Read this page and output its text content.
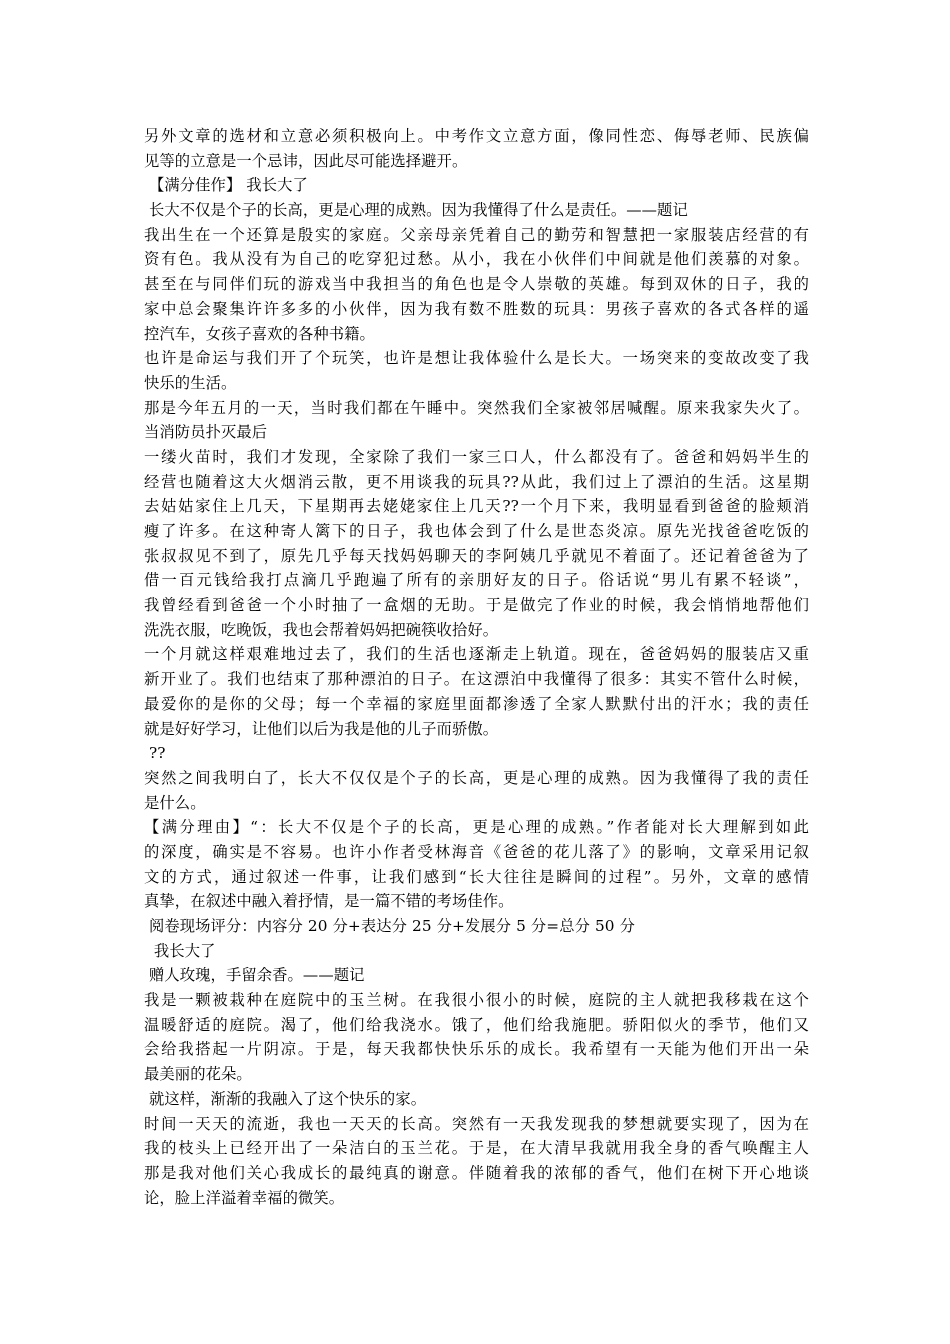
另外文章的选材和立意必须积极向上。中考作文立意方面，像同性恋、侮辱老师、民族偏
见等的立意是一个忌讳，因此尽可能选择避开。
【满分佳作】 我长大了
长大不仅是个子的长高，更是心理的成熟。因为我懂得了什么是责任。——题记
我出生在一个还算是殷实的家庭。父亲母亲凭着自己的勤劳和智慧把一家服装店经营的有
资有色。我从没有为自己的吃穿犯过愁。从小，我在小伙伴们中间就是他们羡慕的对象。
甚至在与同伴们玩的游戏当中我担当的角色也是令人崇敬的英雄。每到双休的日子，我的
家中总会聚集许许多多的小伙伴，因为我有数不胜数的玩具：男孩子喜欢的各式各样的遥
控汽车，女孩子喜欢的各种书籍。
也许是命运与我们开了个玩笑，也许是想让我体验什么是长大。一场突来的变故改变了我
快乐的生活。
那是今年五月的一天，当时我们都在午睡中。突然我们全家被邻居喊醒。原来我家失火了。
当消防员扑灭最后
一缕火苗时，我们才发现，全家除了我们一家三口人，什么都没有了。爸爸和妈妈半生的
经营也随着这大火烟消云散，更不用谈我的玩具??从此，我们过上了漂泊的生活。这星期
去姑姑家住上几天，下星期再去姥姥家住上几天??一个月下来，我明显看到爸爸的脸颊消
瘦了许多。在这种寄人篱下的日子，我也体会到了什么是世态炎凉。原先光找爸爸吃饭的
张叔叔见不到了，原先几乎每天找妈妈聊天的李阿姨几乎就见不着面了。还记着爸爸为了
借一百元钱给我打点滴几乎跑遍了所有的亲朋好友的日子。俗话说“男儿有累不轻谈”，
我曾经看到爸爸一个小时抽了一盒烟的无助。于是做完了作业的时候，我会悄悄地帮他们
洗洗衣服，吃晚饭，我也会帮着妈妈把碗筷收拾好。
一个月就这样艰难地过去了，我们的生活也逐渐走上轨道。现在，爸爸妈妈的服装店又重
新开业了。我们也结束了那种漂泊的日子。在这漂泊中我懂得了很多：其实不管什么时候，
最爱你的是你的父母；每一个幸福的家庭里面都渗透了全家人默默付出的汗水；我的责任
就是好好学习，让他们以后为我是他的儿子而骄傲。
??
突然之间我明白了，长大不仅仅是个子的长高，更是心理的成熟。因为我懂得了我的责任
是什么。
【满分理由】“：长大不仅是个子的长高，更是心理的成熟。”作者能对长大理解到如此
的深度，确实是不容易。也许小作者受林海音《爸爸的花儿落了》的影响，文章采用记叙
文的方式，通过叙述一件事，让我们感到“长大往往是瞬间的过程”。另外，文章的感情
真挚，在叙述中融入着抒情，是一篇不错的考场佳作。
阅卷现场评分：内容分 20 分+表达分 25 分+发展分 5 分=总分 50 分
我长大了
赠人玫瑰，手留余香。——题记
我是一颗被栽种在庭院中的玉兰树。在我很小很小的时候，庭院的主人就把我移栽在这个
温暖舒适的庭院。渴了，他们给我浇水。饿了，他们给我施肥。骄阳似火的季节，他们又
会给我搭起一片阴凉。于是，每天我都快快乐乐的成长。我希望有一天能为他们开出一朵
最美丽的花朵。
就这样，渐渐的我融入了这个快乐的家。
时间一天天的流逝，我也一天天的长高。突然有一天我发现我的梦想就要实现了，因为在
我的枝头上已经开出了一朵洁白的玉兰花。于是，在大清早我就用我全身的香气唤醒主人
那是我对他们关心我成长的最纯真的谢意。伴随着我的浓郁的香气，他们在树下开心地谈
论，脸上洋溢着幸福的微笑。
